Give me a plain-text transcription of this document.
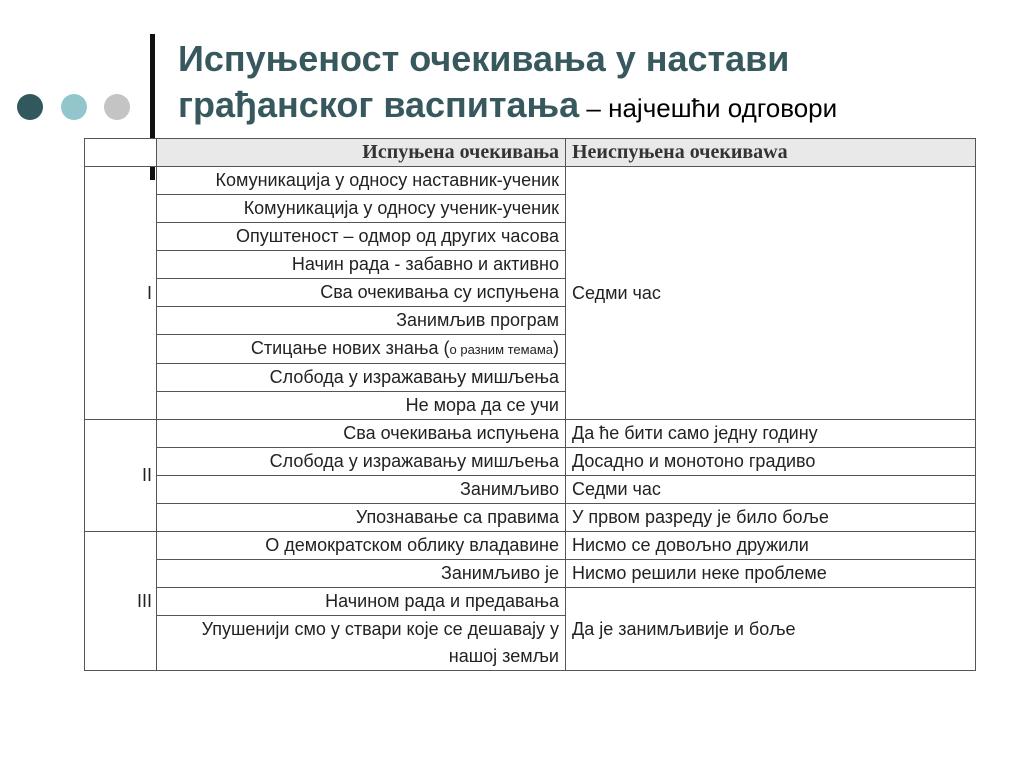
Испуњеност очекивања у настави
грађанског васпитања – најчешћи одговори
	Испуњена очекивања	Неиспуњена очекиваwа
I	Комуникација у односу наставник-ученик	Седми час
	Комуникација у односу ученик-ученик	
	Опуштеност – одмор од других часова	
	Начин рада - забавно и активно	
	Сва очекивања су испуњена	
	Занимљив програм	
	Стицање нових знања (о разним темама)	
	Слобода у изражавању мишљења	
	Не мора да се учи	
II	Сва очекивања испуњена	Да ће бити само једну годину
	Слобода у изражавању мишљења	Досадно и монотоно градиво
	Занимљиво	Седми час
	Упознавање са правима	У првом разреду је било боље
III	О демократском облику владавине	Нисмо се довољно дружили
	Занимљиво је	Нисмо решили неке проблеме
	Начином рада и предавања	Да је занимљивије и боље
	Упушенији смо у ствари које се дешавају у нашој земљи	
